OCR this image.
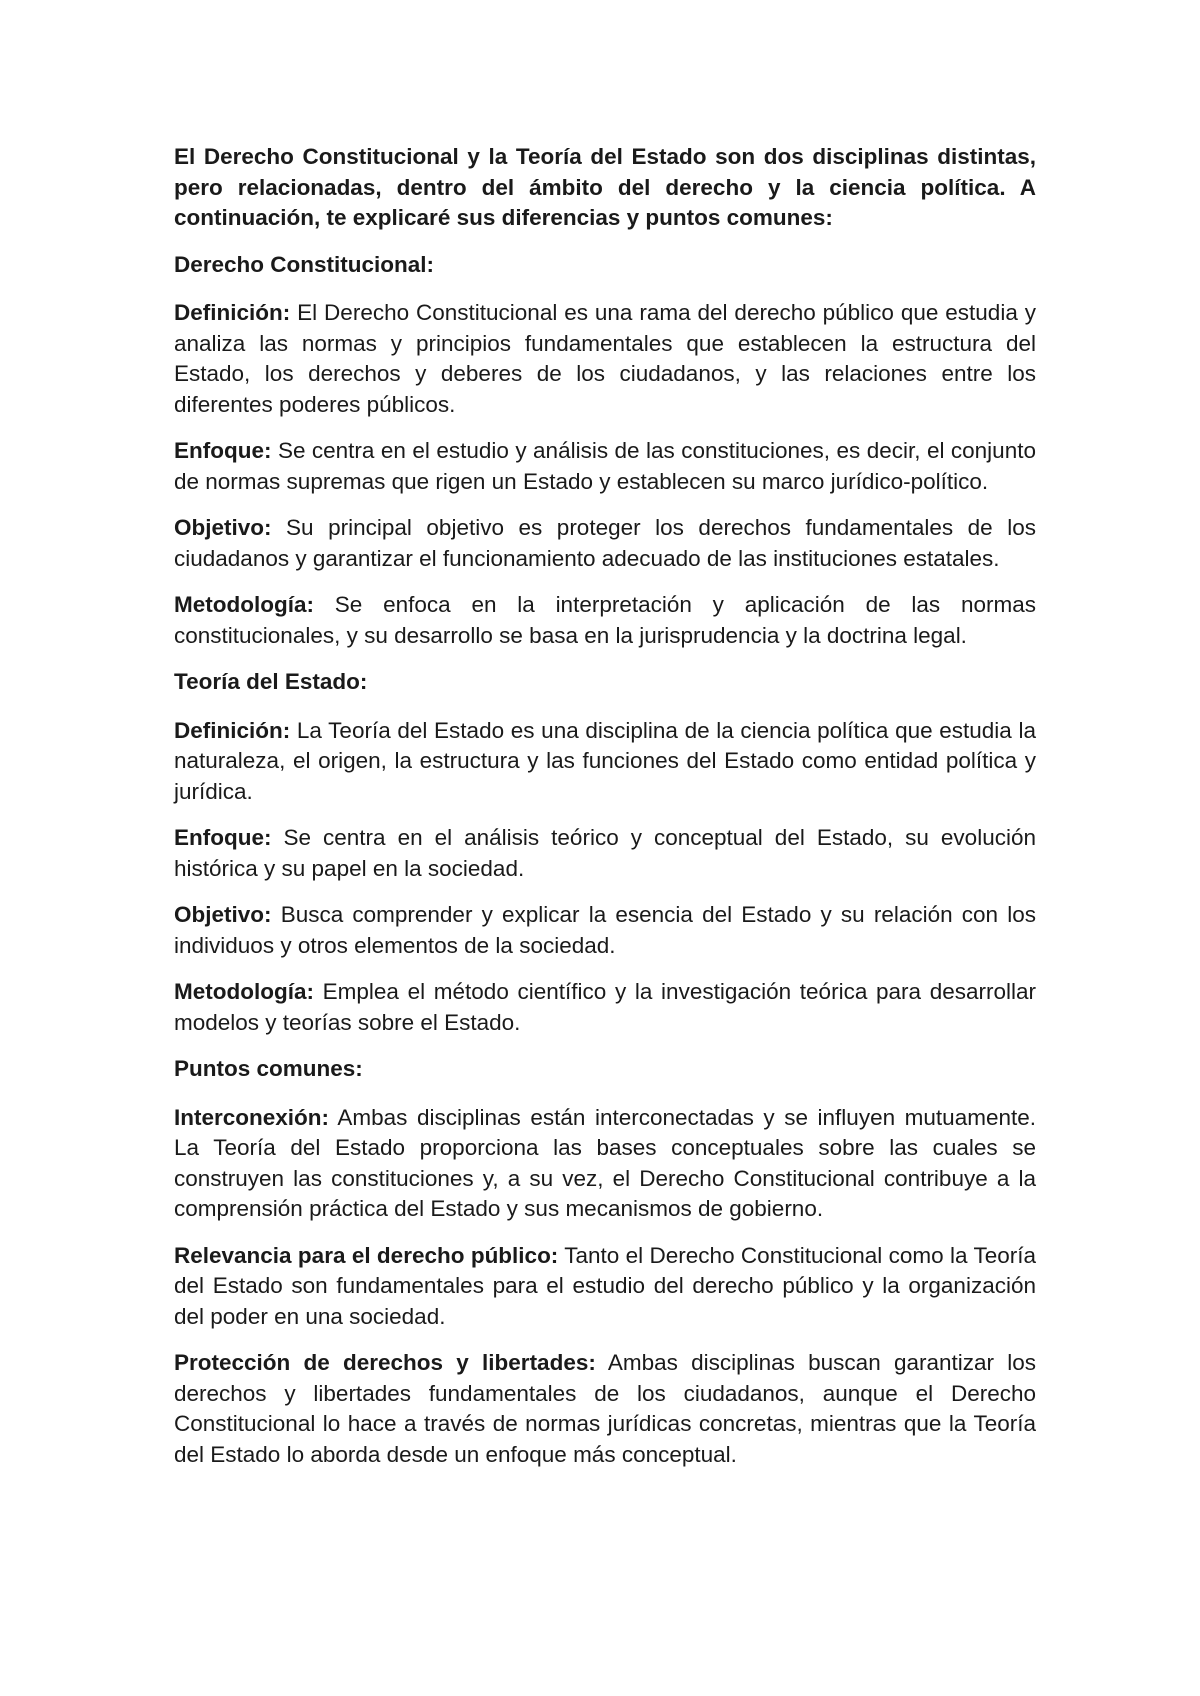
El Derecho Constitucional y la Teoría del Estado son dos disciplinas distintas, pero relacionadas, dentro del ámbito del derecho y la ciencia política. A continuación, te explicaré sus diferencias y puntos comunes:

Derecho Constitucional:

Definición: El Derecho Constitucional es una rama del derecho público que estudia y analiza las normas y principios fundamentales que establecen la estructura del Estado, los derechos y deberes de los ciudadanos, y las relaciones entre los diferentes poderes públicos.

Enfoque: Se centra en el estudio y análisis de las constituciones, es decir, el conjunto de normas supremas que rigen un Estado y establecen su marco jurídico-político.

Objetivo: Su principal objetivo es proteger los derechos fundamentales de los ciudadanos y garantizar el funcionamiento adecuado de las instituciones estatales.

Metodología: Se enfoca en la interpretación y aplicación de las normas constitucionales, y su desarrollo se basa en la jurisprudencia y la doctrina legal.

Teoría del Estado:

Definición: La Teoría del Estado es una disciplina de la ciencia política que estudia la naturaleza, el origen, la estructura y las funciones del Estado como entidad política y jurídica.

Enfoque: Se centra en el análisis teórico y conceptual del Estado, su evolución histórica y su papel en la sociedad.

Objetivo: Busca comprender y explicar la esencia del Estado y su relación con los individuos y otros elementos de la sociedad.

Metodología: Emplea el método científico y la investigación teórica para desarrollar modelos y teorías sobre el Estado.

Puntos comunes:

Interconexión: Ambas disciplinas están interconectadas y se influyen mutuamente. La Teoría del Estado proporciona las bases conceptuales sobre las cuales se construyen las constituciones y, a su vez, el Derecho Constitucional contribuye a la comprensión práctica del Estado y sus mecanismos de gobierno.

Relevancia para el derecho público: Tanto el Derecho Constitucional como la Teoría del Estado son fundamentales para el estudio del derecho público y la organización del poder en una sociedad.

Protección de derechos y libertades: Ambas disciplinas buscan garantizar los derechos y libertades fundamentales de los ciudadanos, aunque el Derecho Constitucional lo hace a través de normas jurídicas concretas, mientras que la Teoría del Estado lo aborda desde un enfoque más conceptual.
